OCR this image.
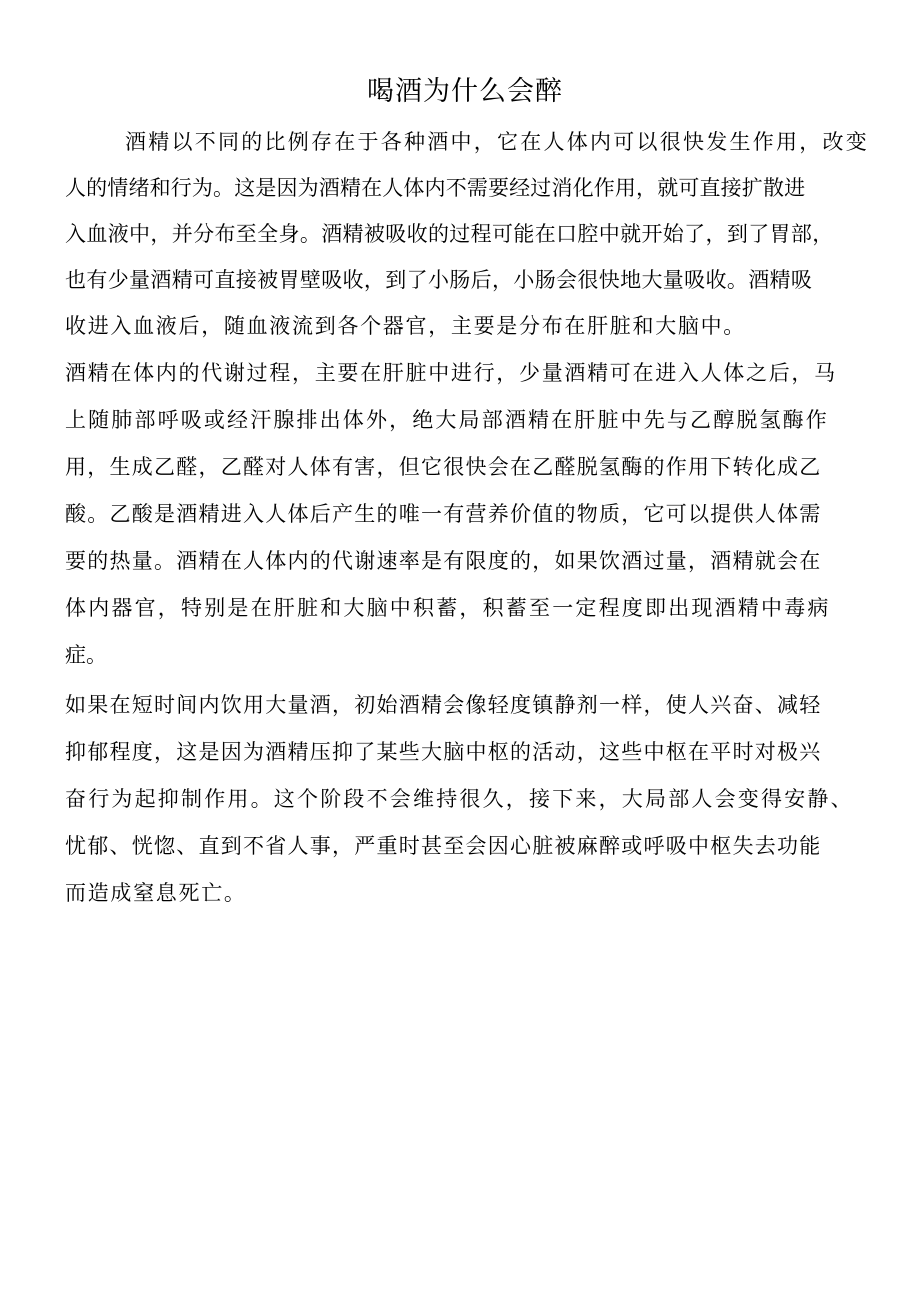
喝酒为什么会醉

酒精以不同的比例存在于各种酒中，它在人体内可以很快发生作用，改变

人的情绪和行为。这是因为酒精在人体内不需要经过消化作用，就可直接扩散进

入血液中，并分布至全身。酒精被吸收的过程可能在口腔中就开始了，到了胃部，

也有少量酒精可直接被胃壁吸收，到了小肠后，小肠会很快地大量吸收。酒精吸

收进入血液后，随血液流到各个器官，主要是分布在肝脏和大脑中。

酒精在体内的代谢过程，主要在肝脏中进行，少量酒精可在进入人体之后，马

上随肺部呼吸或经汗腺排出体外，绝大局部酒精在肝脏中先与乙醇脱氢酶作

用，生成乙醛，乙醛对人体有害，但它很快会在乙醛脱氢酶的作用下转化成乙

酸。乙酸是酒精进入人体后产生的唯一有营养价值的物质，它可以提供人体需

要的热量。酒精在人体内的代谢速率是有限度的，如果饮酒过量，酒精就会在

体内器官，特别是在肝脏和大脑中积蓄，积蓄至一定程度即出现酒精中毒病

症。

如果在短时间内饮用大量酒，初始酒精会像轻度镇静剂一样，使人兴奋、减轻

抑郁程度，这是因为酒精压抑了某些大脑中枢的活动，这些中枢在平时对极兴

奋行为起抑制作用。这个阶段不会维持很久，接下来，大局部人会变得安静、

忧郁、恍惚、直到不省人事，严重时甚至会因心脏被麻醉或呼吸中枢失去功能

而造成窒息死亡。
